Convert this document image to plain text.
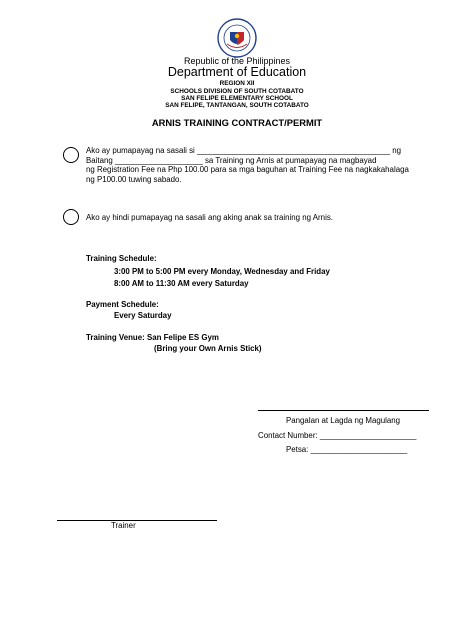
Republic of the Philippines
Department of Education
REGION XII
SCHOOLS DIVISION OF SOUTH COTABATO
SAN FELIPE ELEMENTARY SCHOOL
SAN FELIPE, TANTANGAN, SOUTH COTABATO
ARNIS TRAINING CONTRACT/PERMIT
Ako ay pumapayag na sasali si ____________________________________________ ng
Baitang ____________________ sa Training ng Arnis at pumapayag na magbayad
ng Registration Fee na Php 100.00 para sa mga baguhan at Training Fee na nagkakahalaga
ng P100.00 tuwing sabado.
Ako ay hindi pumapayag na sasali ang aking anak sa training ng Arnis.
Training Schedule:
3:00 PM to 5:00 PM every Monday, Wednesday and Friday
8:00 AM to 11:30 AM every Saturday
Payment Schedule:
Every Saturday
Training Venue: San Felipe ES Gym
(Bring your Own Arnis Stick)
Pangalan at Lagda ng Magulang
Contact Number: ______________________
Petsa: ______________________
Trainer
